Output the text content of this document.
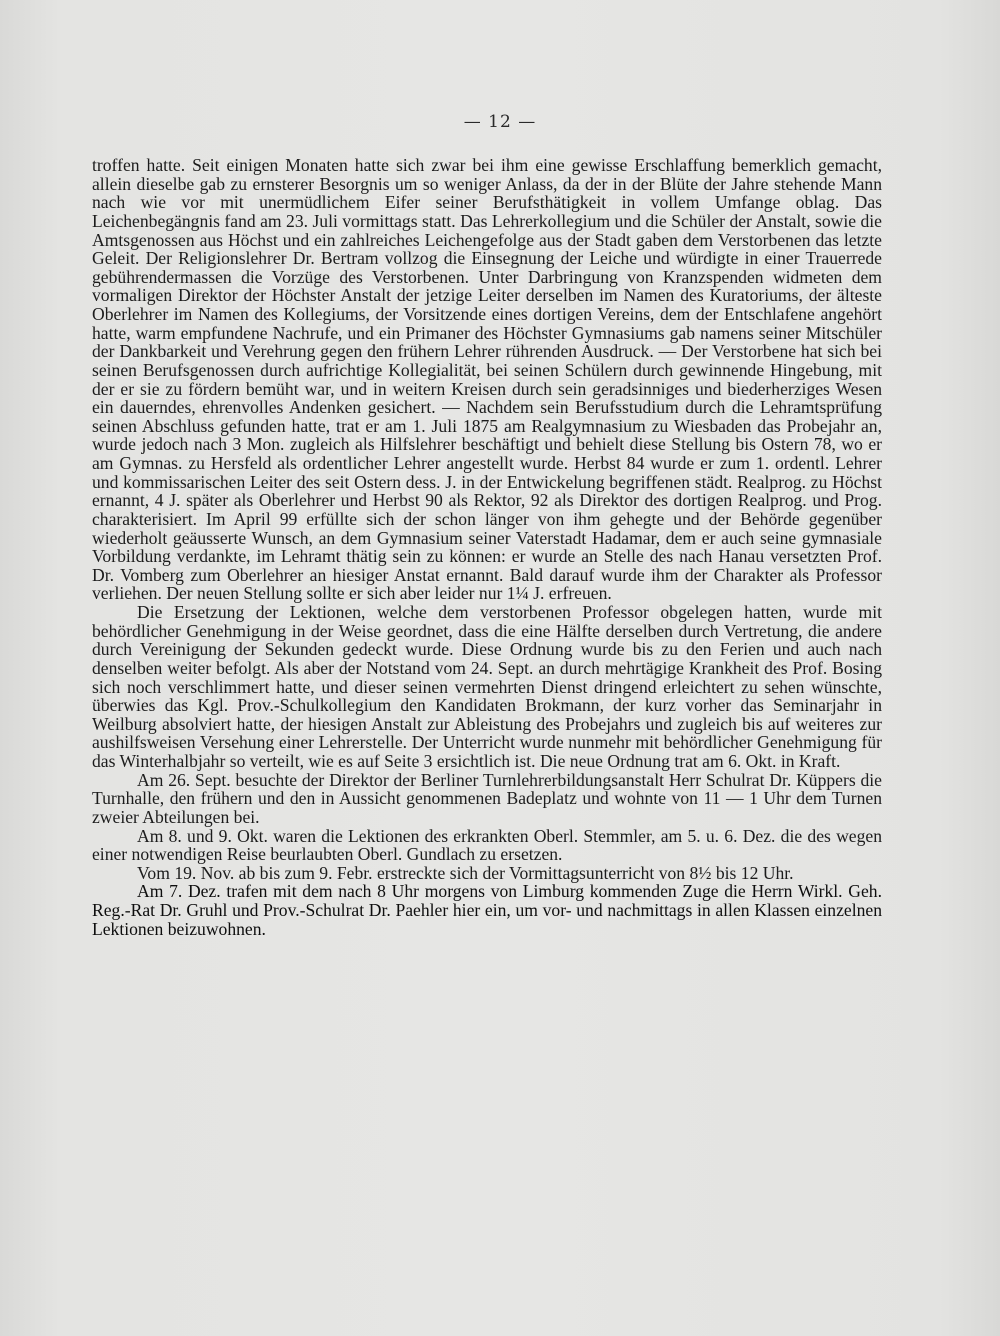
— 12 —

troffen hatte. Seit einigen Monaten hatte sich zwar bei ihm eine gewisse Erschlaffung bemerklich gemacht, allein dieselbe gab zu ernsterer Besorgnis um so weniger Anlass, da der in der Blüte der Jahre stehende Mann nach wie vor mit unermüdlichem Eifer seiner Berufsthätigkeit in vollem Umfange oblag. Das Leichenbegängnis fand am 23. Juli vormittags statt. Das Lehrerkollegium und die Schüler der Anstalt, sowie die Amtsgenossen aus Höchst und ein zahlreiches Leichengefolge aus der Stadt gaben dem Verstorbenen das letzte Geleit. Der Religionslehrer Dr. Bertram vollzog die Einsegnung der Leiche und würdigte in einer Trauerrede gebührendermassen die Vorzüge des Verstorbenen. Unter Darbringung von Kranzspenden widmeten dem vormaligen Direktor der Höchster Anstalt der jetzige Leiter derselben im Namen des Kuratoriums, der älteste Oberlehrer im Namen des Kollegiums, der Vorsitzende eines dortigen Vereins, dem der Entschlafene angehört hatte, warm empfundene Nachrufe, und ein Primaner des Höchster Gymnasiums gab namens seiner Mitschüler der Dankbarkeit und Verehrung gegen den frühern Lehrer rührenden Ausdruck. — Der Verstorbene hat sich bei seinen Berufsgenossen durch aufrichtige Kollegialität, bei seinen Schülern durch gewinnende Hingebung, mit der er sie zu fördern bemüht war, und in weitern Kreisen durch sein geradsinniges und biederherziges Wesen ein dauerndes, ehrenvolles Andenken gesichert. — Nachdem sein Berufsstudium durch die Lehramtsprüfung seinen Abschluss gefunden hatte, trat er am 1. Juli 1875 am Realgymnasium zu Wiesbaden das Probejahr an, wurde jedoch nach 3 Mon. zugleich als Hilfslehrer beschäftigt und behielt diese Stellung bis Ostern 78, wo er am Gymnas. zu Hersfeld als ordentlicher Lehrer angestellt wurde. Herbst 84 wurde er zum 1. ordentl. Lehrer und kommissarischen Leiter des seit Ostern dess. J. in der Entwickelung begriffenen städt. Realprog. zu Höchst ernannt, 4 J. später als Oberlehrer und Herbst 90 als Rektor, 92 als Direktor des dortigen Realprog. und Prog. charakterisiert. Im April 99 erfüllte sich der schon länger von ihm gehegte und der Behörde gegenüber wiederholt geäusserte Wunsch, an dem Gymnasium seiner Vaterstadt Hadamar, dem er auch seine gymnasiale Vorbildung verdankte, im Lehramt thätig sein zu können: er wurde an Stelle des nach Hanau versetzten Prof. Dr. Vomberg zum Oberlehrer an hiesiger Anstat ernannt. Bald darauf wurde ihm der Charakter als Professor verliehen. Der neuen Stellung sollte er sich aber leider nur 1¼ J. erfreuen.

Die Ersetzung der Lektionen, welche dem verstorbenen Professor obgelegen hatten, wurde mit behördlicher Genehmigung in der Weise geordnet, dass die eine Hälfte derselben durch Vertretung, die andere durch Vereinigung der Sekunden gedeckt wurde. Diese Ordnung wurde bis zu den Ferien und auch nach denselben weiter befolgt. Als aber der Notstand vom 24. Sept. an durch mehrtägige Krankheit des Prof. Bosing sich noch verschlimmert hatte, und dieser seinen vermehrten Dienst dringend erleichtert zu sehen wünschte, überwies das Kgl. Prov.-Schulkollegium den Kandidaten Brokmann, der kurz vorher das Seminarjahr in Weilburg absolviert hatte, der hiesigen Anstalt zur Ableistung des Probejahrs und zugleich bis auf weiteres zur aushilfsweisen Versehung einer Lehrerstelle. Der Unterricht wurde nunmehr mit behördlicher Genehmigung für das Winterhalbjahr so verteilt, wie es auf Seite 3 ersichtlich ist. Die neue Ordnung trat am 6. Okt. in Kraft.

Am 26. Sept. besuchte der Direktor der Berliner Turnlehrerbildungsanstalt Herr Schulrat Dr. Küppers die Turnhalle, den frühern und den in Aussicht genommenen Badeplatz und wohnte von 11 — 1 Uhr dem Turnen zweier Abteilungen bei.

Am 8. und 9. Okt. waren die Lektionen des erkrankten Oberl. Stemmler, am 5. u. 6. Dez. die des wegen einer notwendigen Reise beurlaubten Oberl. Gundlach zu ersetzen.

Vom 19. Nov. ab bis zum 9. Febr. erstreckte sich der Vormittagsunterricht von 8½ bis 12 Uhr.

Am 7. Dez. trafen mit dem nach 8 Uhr morgens von Limburg kommenden Zuge die Herrn Wirkl. Geh. Reg.-Rat Dr. Gruhl und Prov.-Schulrat Dr. Paehler hier ein, um vor- und nachmittags in allen Klassen einzelnen Lektionen beizuwohnen.
